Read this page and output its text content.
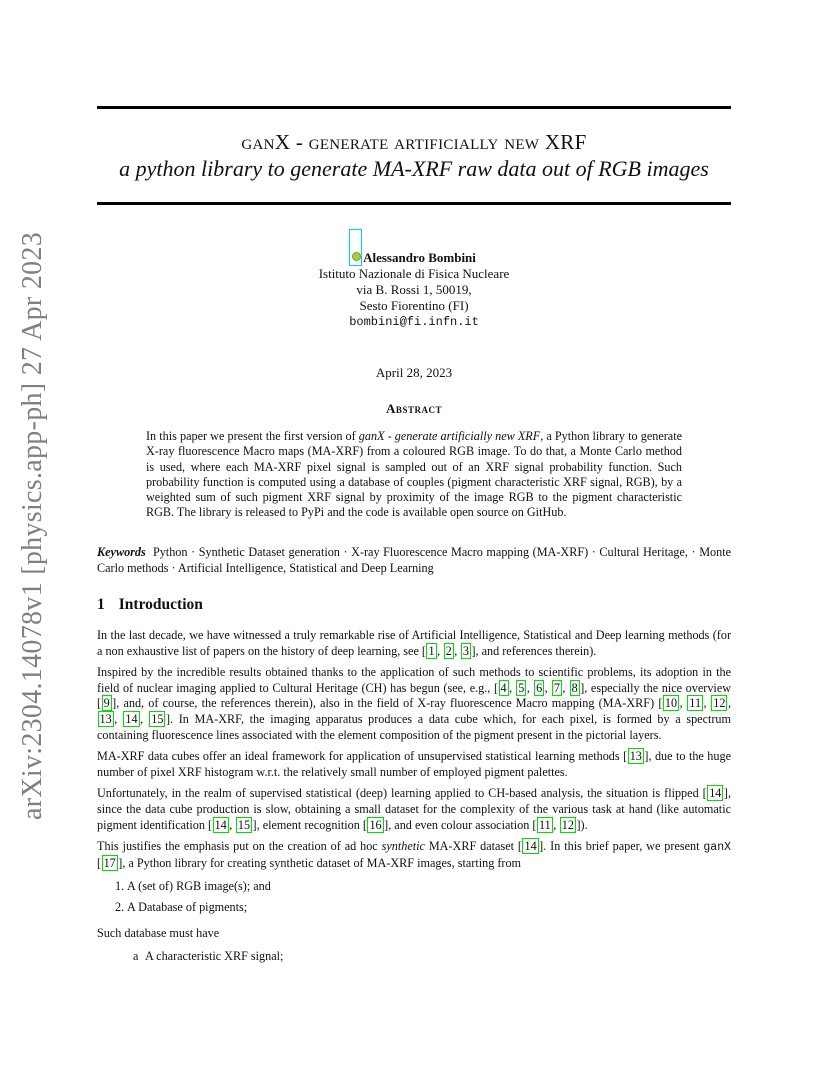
arXiv:2304.14078v1 [physics.app-ph] 27 Apr 2023
ganX - generate artificially new XRF
a python library to generate MA-XRF raw data out of RGB images
Alessandro Bombini
Istituto Nazionale di Fisica Nucleare
via B. Rossi 1, 50019,
Sesto Fiorentino (FI)
bombini@fi.infn.it
April 28, 2023
Abstract
In this paper we present the first version of ganX - generate artificially new XRF, a Python library to generate X-ray fluorescence Macro maps (MA-XRF) from a coloured RGB image. To do that, a Monte Carlo method is used, where each MA-XRF pixel signal is sampled out of an XRF signal probability function. Such probability function is computed using a database of couples (pigment characteristic XRF signal, RGB), by a weighted sum of such pigment XRF signal by proximity of the image RGB to the pigment characteristic RGB. The library is released to PyPi and the code is available open source on GitHub.
Keywords Python · Synthetic Dataset generation · X-ray Fluorescence Macro mapping (MA-XRF) · Cultural Heritage, · Monte Carlo methods · Artificial Intelligence, Statistical and Deep Learning
1 Introduction

In the last decade, we have witnessed a truly remarkable rise of Artificial Intelligence, Statistical and Deep learning methods (for a non exhaustive list of papers on the history of deep learning, see [ 1 , 2 , 3 ], and references therein).

Inspired by the incredible results obtained thanks to the application of such methods to scientific problems, its adoption in the field of nuclear imaging applied to Cultural Heritage (CH) has begun (see, e.g., [ 4 , 5 , 6 , 7 , 8 ], especially the nice overview [ 9 ], and, of course, the references therein), also in the field of X-ray fluorescence Macro mapping (MA-XRF) [ 10 , 11 , 12 , 13 , 14 , 15 ]. In MA-XRF, the imaging apparatus produces a data cube which, for each pixel, is formed by a spectrum containing fluorescence lines associated with the element composition of the pigment present in the pictorial layers.

MA-XRF data cubes offer an ideal framework for application of unsupervised statistical learning methods [ 13 ], due to the huge number of pixel XRF histogram w.r.t. the relatively small number of employed pigment palettes.

Unfortunately, in the realm of supervised statistical (deep) learning applied to CH-based analysis, the situation is flipped [ 14 ], since the data cube production is slow, obtaining a small dataset for the complexity of the various task at hand (like automatic pigment identification [ 14 , 15 ], element recognition [ 16 ], and even colour association [ 11 , 12 ]).

This justifies the emphasis put on the creation of ad hoc synthetic MA-XRF dataset [ 14 ]. In this brief paper, we present ganX [ 17 ], a Python library for creating synthetic dataset of MA-XRF images, starting from

1. A (set of) RGB image(s); and
2. A Database of pigments;

Such database must have

a A characteristic XRF signal;
